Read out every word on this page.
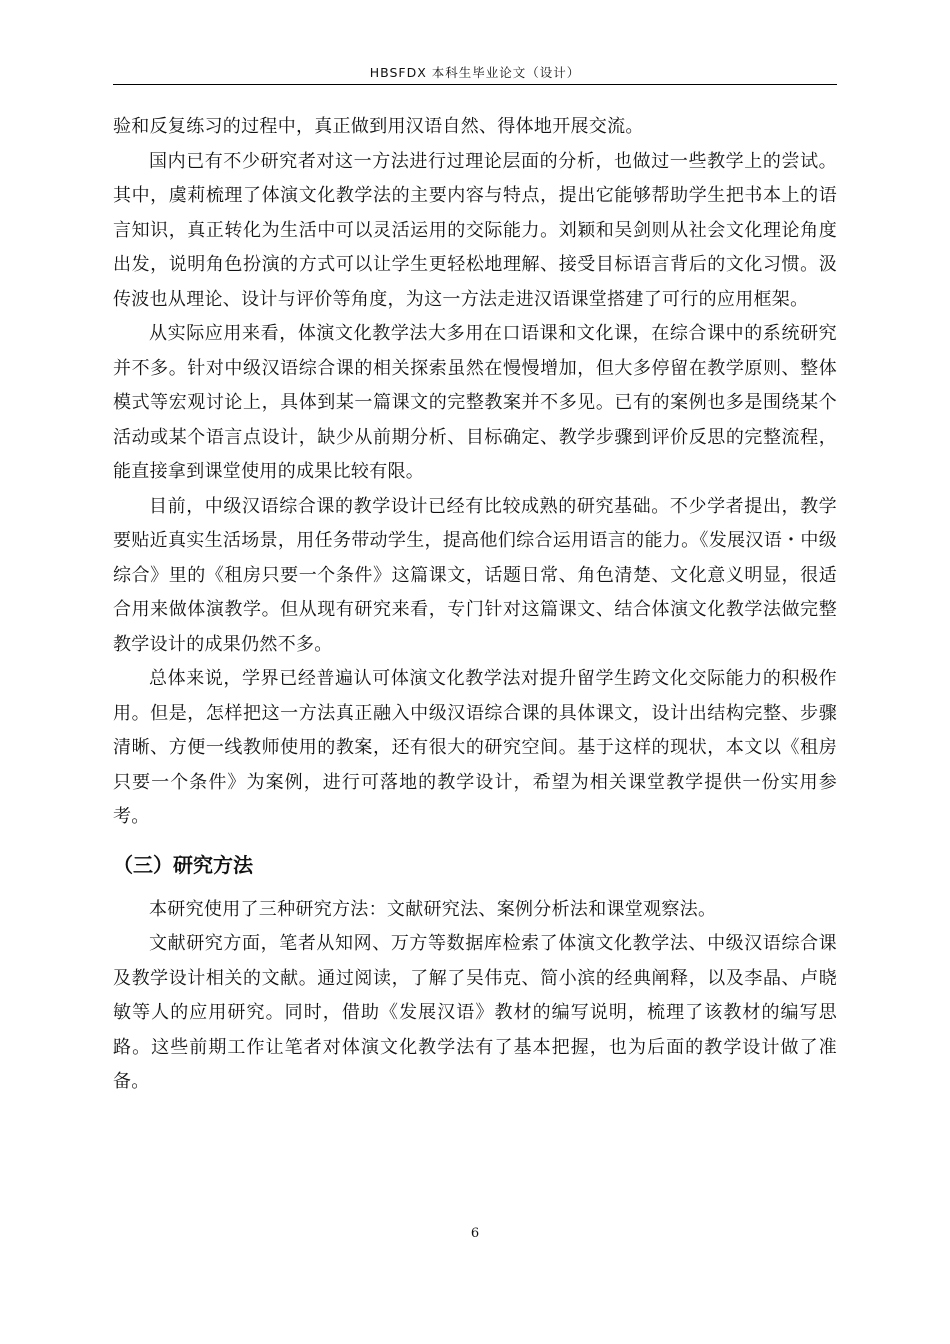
HBSFDX 本科生毕业论文（设计）

验和反复练习的过程中，真正做到用汉语自然、得体地开展交流。

国内已有不少研究者对这一方法进行过理论层面的分析，也做过一些教学上的尝试。其中，虞莉梳理了体演文化教学法的主要内容与特点，提出它能够帮助学生把书本上的语言知识，真正转化为生活中可以灵活运用的交际能力。刘颖和吴剑则从社会文化理论角度出发，说明角色扮演的方式可以让学生更轻松地理解、接受目标语言背后的文化习惯。汲传波也从理论、设计与评价等角度，为这一方法走进汉语课堂搭建了可行的应用框架。

从实际应用来看，体演文化教学法大多用在口语课和文化课，在综合课中的系统研究并不多。针对中级汉语综合课的相关探索虽然在慢慢增加，但大多停留在教学原则、整体模式等宏观讨论上，具体到某一篇课文的完整教案并不多见。已有的案例也多是围绕某个活动或某个语言点设计，缺少从前期分析、目标确定、教学步骤到评价反思的完整流程，能直接拿到课堂使用的成果比较有限。

目前，中级汉语综合课的教学设计已经有比较成熟的研究基础。不少学者提出，教学要贴近真实生活场景，用任务带动学生，提高他们综合运用语言的能力。《发展汉语・中级综合》里的《租房只要一个条件》这篇课文，话题日常、角色清楚、文化意义明显，很适合用来做体演教学。但从现有研究来看，专门针对这篇课文、结合体演文化教学法做完整教学设计的成果仍然不多。

总体来说，学界已经普遍认可体演文化教学法对提升留学生跨文化交际能力的积极作用。但是，怎样把这一方法真正融入中级汉语综合课的具体课文，设计出结构完整、步骤清晰、方便一线教师使用的教案，还有很大的研究空间。基于这样的现状，本文以《租房只要一个条件》为案例，进行可落地的教学设计，希望为相关课堂教学提供一份实用参考。

（三）研究方法

本研究使用了三种研究方法：文献研究法、案例分析法和课堂观察法。

文献研究方面，笔者从知网、万方等数据库检索了体演文化教学法、中级汉语综合课及教学设计相关的文献。通过阅读，了解了吴伟克、简小滨的经典阐释，以及李晶、卢晓敏等人的应用研究。同时，借助《发展汉语》教材的编写说明，梳理了该教材的编写思路。这些前期工作让笔者对体演文化教学法有了基本把握，也为后面的教学设计做了准备。

6
